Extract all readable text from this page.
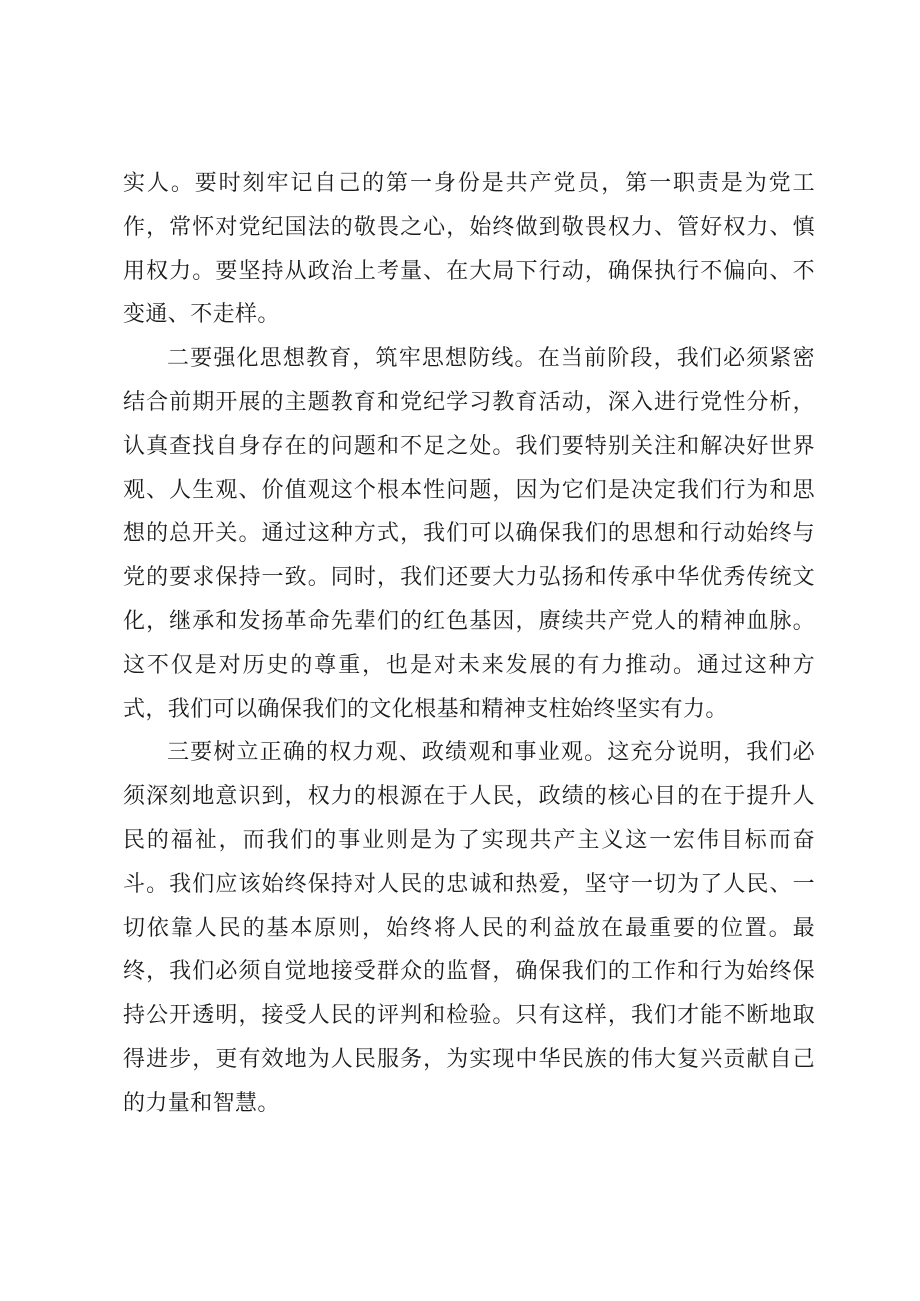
实人。要时刻牢记自己的第一身份是共产党员，第一职责是为党工作，常怀对党纪国法的敬畏之心，始终做到敬畏权力、管好权力、慎用权力。要坚持从政治上考量、在大局下行动，确保执行不偏向、不变通、不走样。

二要强化思想教育，筑牢思想防线。在当前阶段，我们必须紧密结合前期开展的主题教育和党纪学习教育活动，深入进行党性分析，认真查找自身存在的问题和不足之处。我们要特别关注和解决好世界观、人生观、价值观这个根本性问题，因为它们是决定我们行为和思想的总开关。通过这种方式，我们可以确保我们的思想和行动始终与党的要求保持一致。同时，我们还要大力弘扬和传承中华优秀传统文化，继承和发扬革命先辈们的红色基因，赓续共产党人的精神血脉。这不仅是对历史的尊重，也是对未来发展的有力推动。通过这种方式，我们可以确保我们的文化根基和精神支柱始终坚实有力。

三要树立正确的权力观、政绩观和事业观。这充分说明，我们必须深刻地意识到，权力的根源在于人民，政绩的核心目的在于提升人民的福祉，而我们的事业则是为了实现共产主义这一宏伟目标而奋斗。我们应该始终保持对人民的忠诚和热爱，坚守一切为了人民、一切依靠人民的基本原则，始终将人民的利益放在最重要的位置。最终，我们必须自觉地接受群众的监督，确保我们的工作和行为始终保持公开透明，接受人民的评判和检验。只有这样，我们才能不断地取得进步，更有效地为人民服务，为实现中华民族的伟大复兴贡献自己的力量和智慧。
